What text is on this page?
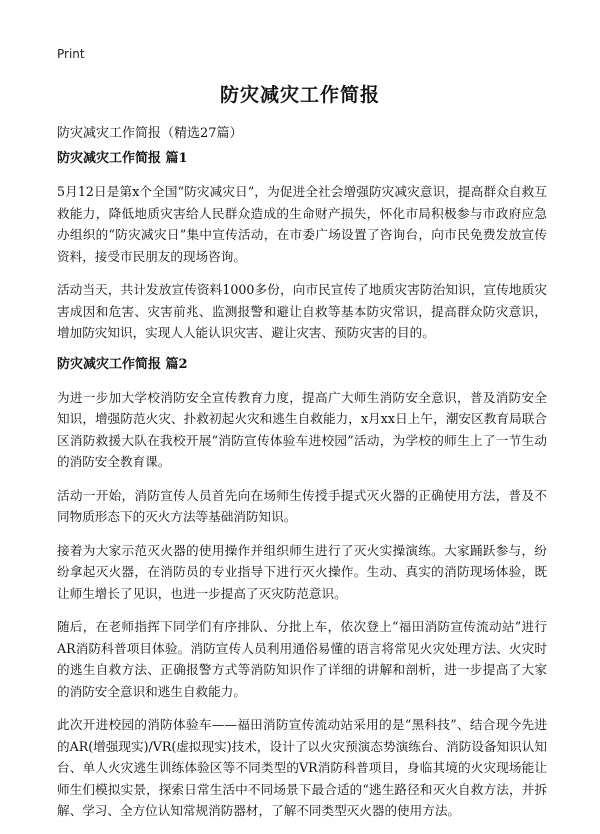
Print
防灾减灾工作简报
防灾减灾工作简报（精选27篇）
防灾减灾工作简报 篇1

5月12日是第x个全国“防灾减灾日”，为促进全社会增强防灾减灾意识，提高群众自救互救能力，降低地质灾害给人民群众造成的生命财产损失，怀化市局积极参与市政府应急办组织的“防灾减灾日”集中宣传活动，在市委广场设置了咨询台，向市民免费发放宣传资料，接受市民朋友的现场咨询。

活动当天，共计发放宣传资料1000多份，向市民宣传了地质灾害防治知识，宣传地质灾害成因和危害、灾害前兆、监测报警和避让自救等基本防灾常识，提高群众防灾意识，增加防灾知识，实现人人能认识灾害、避让灾害、预防灾害的目的。

防灾减灾工作简报 篇2

为进一步加大学校消防安全宣传教育力度，提高广大师生消防安全意识，普及消防安全知识，增强防范火灾、扑救初起火灾和逃生自救能力，x月xx日上午，潮安区教育局联合区消防救援大队在我校开展“消防宣传体验车进校园”活动，为学校的师生上了一节生动的消防安全教育课。

活动一开始，消防宣传人员首先向在场师生传授手提式灭火器的正确使用方法，普及不同物质形态下的灭火方法等基础消防知识。

接着为大家示范灭火器的使用操作并组织师生进行了灭火实操演练。大家踊跃参与，纷纷拿起灭火器，在消防员的专业指导下进行灭火操作。生动、真实的消防现场体验，既让师生增长了见识，也进一步提高了灭灾防范意识。

随后，在老师指挥下同学们有序排队、分批上车，依次登上“福田消防宣传流动站”进行AR消防科普项目体验。消防宣传人员利用通俗易懂的语言将常见火灾处理方法、火灾时的逃生自救方法、正确报警方式等消防知识作了详细的讲解和剖析，进一步提高了大家的消防安全意识和逃生自救能力。

此次开进校园的消防体验车——福田消防宣传流动站采用的是“黑科技”、结合现今先进的AR(增强现实)/VR(虚拟现实)技术，设计了以火灾预演态势演练台、消防设备知识认知台、单人火灾逃生训练体验区等不同类型的VR消防科普项目，身临其境的火灾现场能让师生们模拟实景，探索日常生活中不同场景下最合适的“逃生路径和灭火自救方法，并拆解、学习、全方位认知常规消防器材，了解不同类型灭火器的使用方法。
